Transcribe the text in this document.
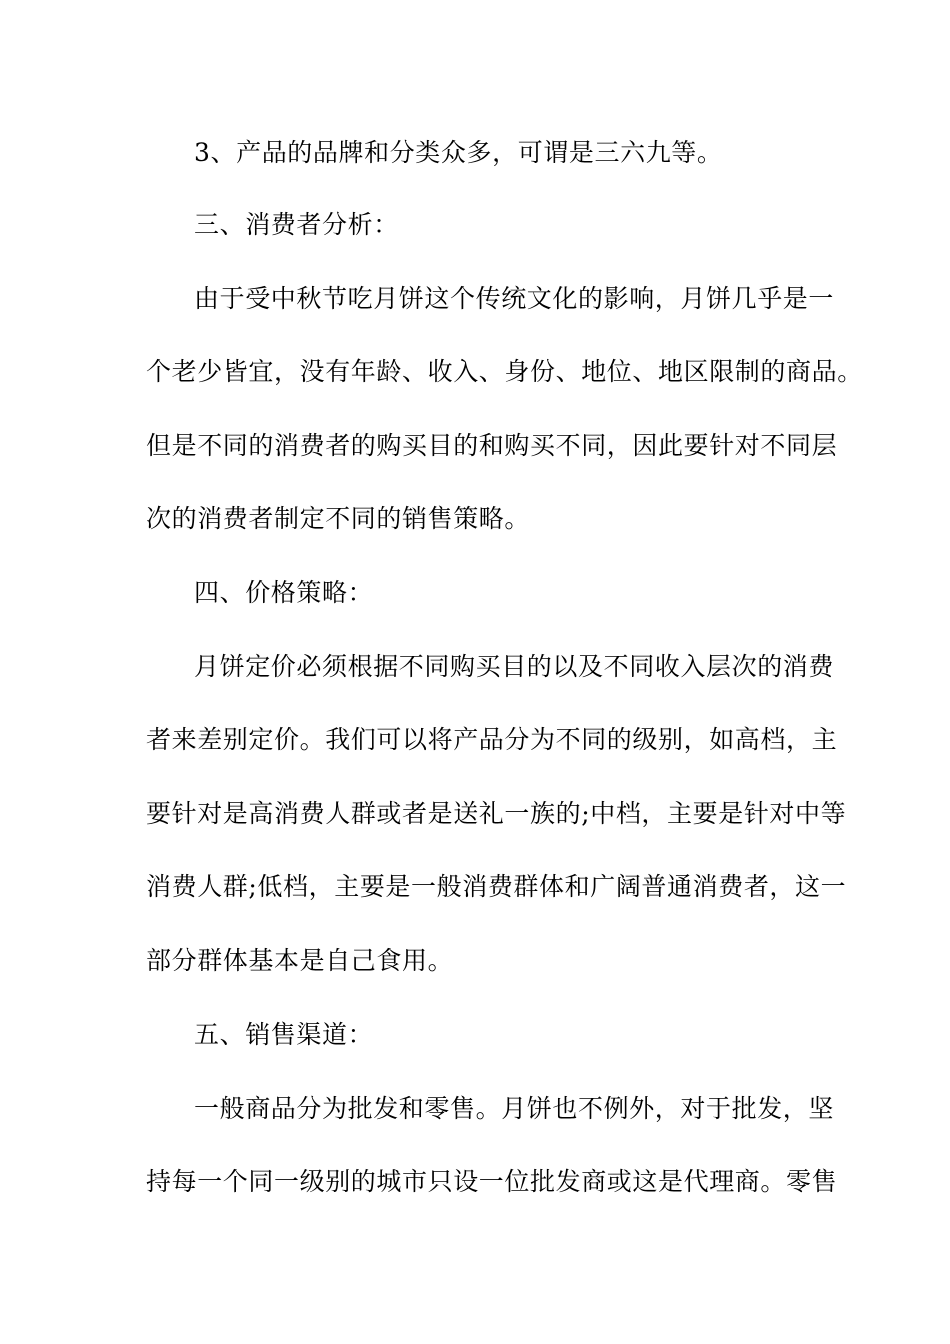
3、产品的品牌和分类众多，可谓是三六九等。
三、消费者分析：
由于受中秋节吃月饼这个传统文化的影响，月饼几乎是一
个老少皆宜，没有年龄、收入、身份、地位、地区限制的商品。
但是不同的消费者的购买目的和购买不同，因此要针对不同层
次的消费者制定不同的销售策略。
四、价格策略：
月饼定价必须根据不同购买目的以及不同收入层次的消费
者来差别定价。我们可以将产品分为不同的级别，如高档，主
要针对是高消费人群或者是送礼一族的;中档，主要是针对中等
消费人群;低档，主要是一般消费群体和广阔普通消费者，这一
部分群体基本是自己食用。
五、销售渠道：
一般商品分为批发和零售。月饼也不例外，对于批发，坚
持每一个同一级别的城市只设一位批发商或这是代理商。零售
